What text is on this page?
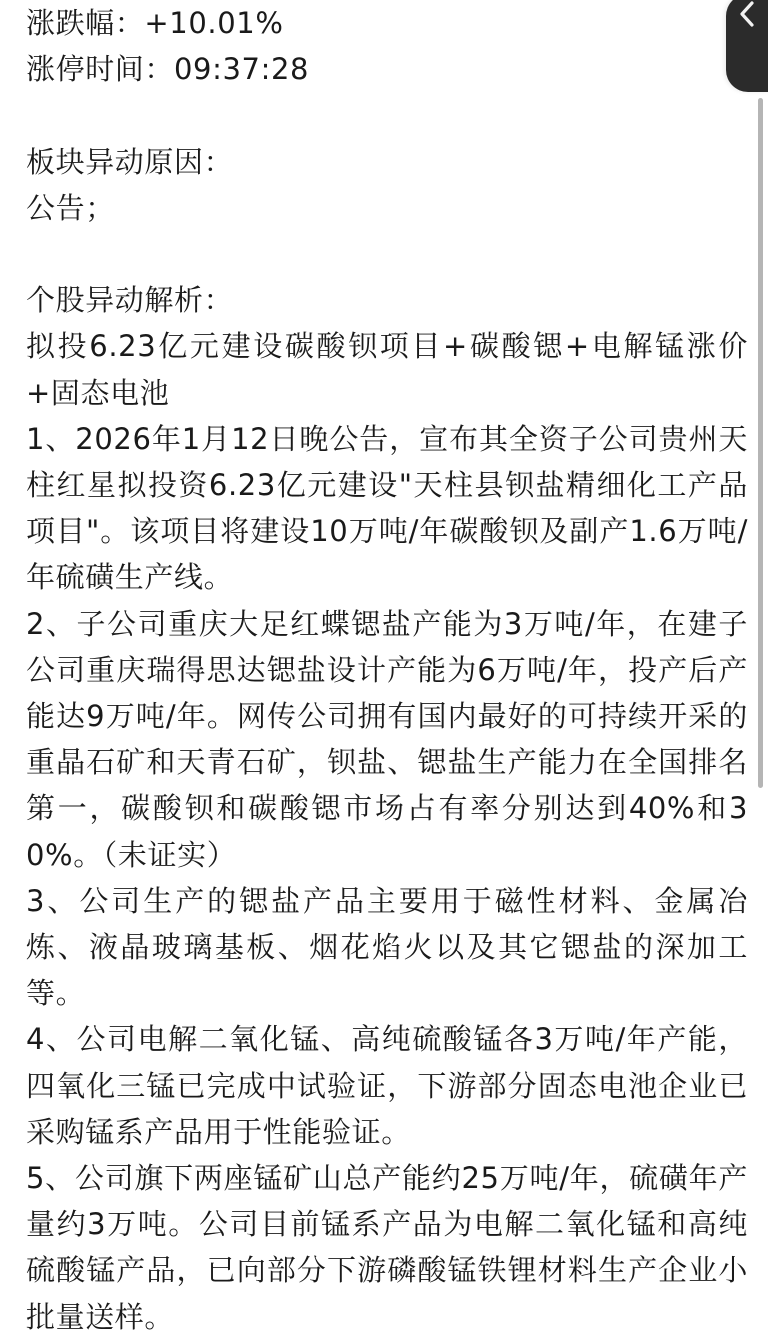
涨跌幅：+10.01%
涨停时间：09:37:28
板块异动原因：
公告；
个股异动解析：
拟投6.23亿元建设碳酸钡项目+碳酸锶+电解锰涨价+固态电池
1、2026年1月12日晚公告，宣布其全资子公司贵州天柱红星拟投资6.23亿元建设"天柱县钡盐精细化工产品项目"。该项目将建设10万吨/年碳酸钡及副产1.6万吨/年硫磺生产线。
2、子公司重庆大足红蝶锶盐产能为3万吨/年，在建子公司重庆瑞得思达锶盐设计产能为6万吨/年，投产后产能达9万吨/年。网传公司拥有国内最好的可持续开采的重晶石矿和天青石矿，钡盐、锶盐生产能力在全国排名第一，碳酸钡和碳酸锶市场占有率分别达到40%和30%。（未证实）
3、公司生产的锶盐产品主要用于磁性材料、金属冶炼、液晶玻璃基板、烟花焰火以及其它锶盐的深加工等。
4、公司电解二氧化锰、高纯硫酸锰各3万吨/年产能，四氧化三锰已完成中试验证，下游部分固态电池企业已采购锰系产品用于性能验证。
5、公司旗下两座锰矿山总产能约25万吨/年，硫磺年产量约3万吨。公司目前锰系产品为电解二氧化锰和高纯硫酸锰产品，已向部分下游磷酸锰铁锂材料生产企业小批量送样。
